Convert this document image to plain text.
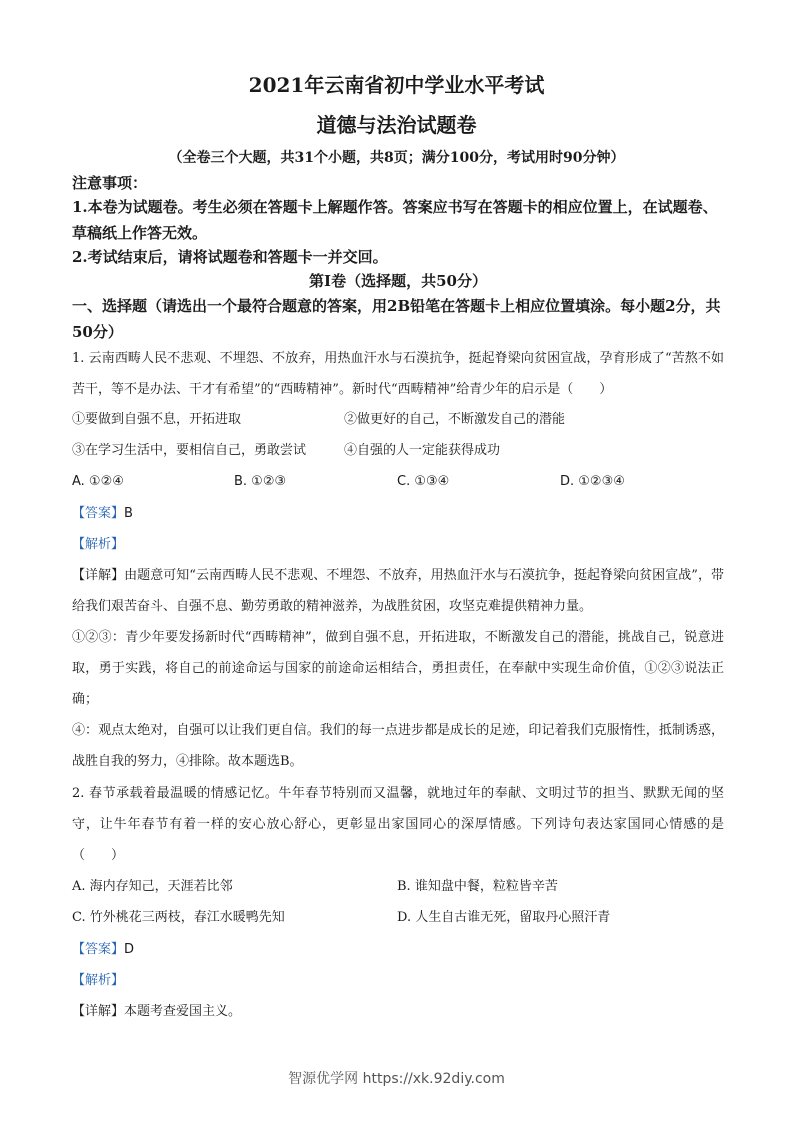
2021年云南省初中学业水平考试
道德与法治试题卷
（全卷三个大题，共31个小题，共8页；满分100分，考试用时90分钟）
注意事项：
1.本卷为试题卷。考生必须在答题卡上解题作答。答案应书写在答题卡的相应位置上，在试题卷、草稿纸上作答无效。
2.考试结束后，请将试题卷和答题卡一并交回。
第Ⅰ卷（选择题，共50分）
一、选择题（请选出一个最符合题意的答案，用2B铅笔在答题卡上相应位置填涂。每小题2分，共50分）
1. 云南西畴人民不悲观、不埋怨、不放弃，用热血汗水与石漠抗争，挺起脊梁向贫困宣战，孕育形成了“苦熬不如苦干，等不是办法、干才有希望”的“西畴精神”。新时代“西畴精神”给青少年的启示是（　　）
①要做到自强不息，开拓进取	②做更好的自己，不断激发自己的潜能
③在学习生活中，要相信自己，勇敢尝试	④自强的人一定能获得成功
A. ①②④	B. ①②③	C. ①③④	D. ①②③④
【答案】B
【解析】
【详解】由题意可知“云南西畴人民不悲观、不埋怨、不放弃，用热血汗水与石漠抗争，挺起脊梁向贫困宣战”，带给我们艰苦奋斗、自强不息、勤劳勇敢的精神滋养，为战胜贫困，攻坚克难提供精神力量。
①②③：青少年要发扬新时代“西畴精神”，做到自强不息，开拓进取，不断激发自己的潜能，挑战自己，锐意进取，勇于实践，将自己的前途命运与国家的前途命运相结合，勇担责任，在奉献中实现生命价值，①②③说法正确；
④：观点太绝对，自强可以让我们更自信。我们的每一点进步都是成长的足迹，印记着我们克服惰性，抵制诱惑，战胜自我的努力，④排除。故本题选B。
2. 春节承载着最温暖的情感记忆。牛年春节特别而又温馨，就地过年的奉献、文明过节的担当、默默无闻的坚守，让牛年春节有着一样的安心放心舒心，更彰显出家国同心的深厚情感。下列诗句表达家国同心情感的是（　　）
A. 海内存知己，天涯若比邻	B. 谁知盘中餐，粒粒皆辛苦
C. 竹外桃花三两枝，春江水暖鸭先知	D. 人生自古谁无死，留取丹心照汗青
【答案】D
【解析】
【详解】本题考查爱国主义。
智源优学网 https://xk.92diy.com
